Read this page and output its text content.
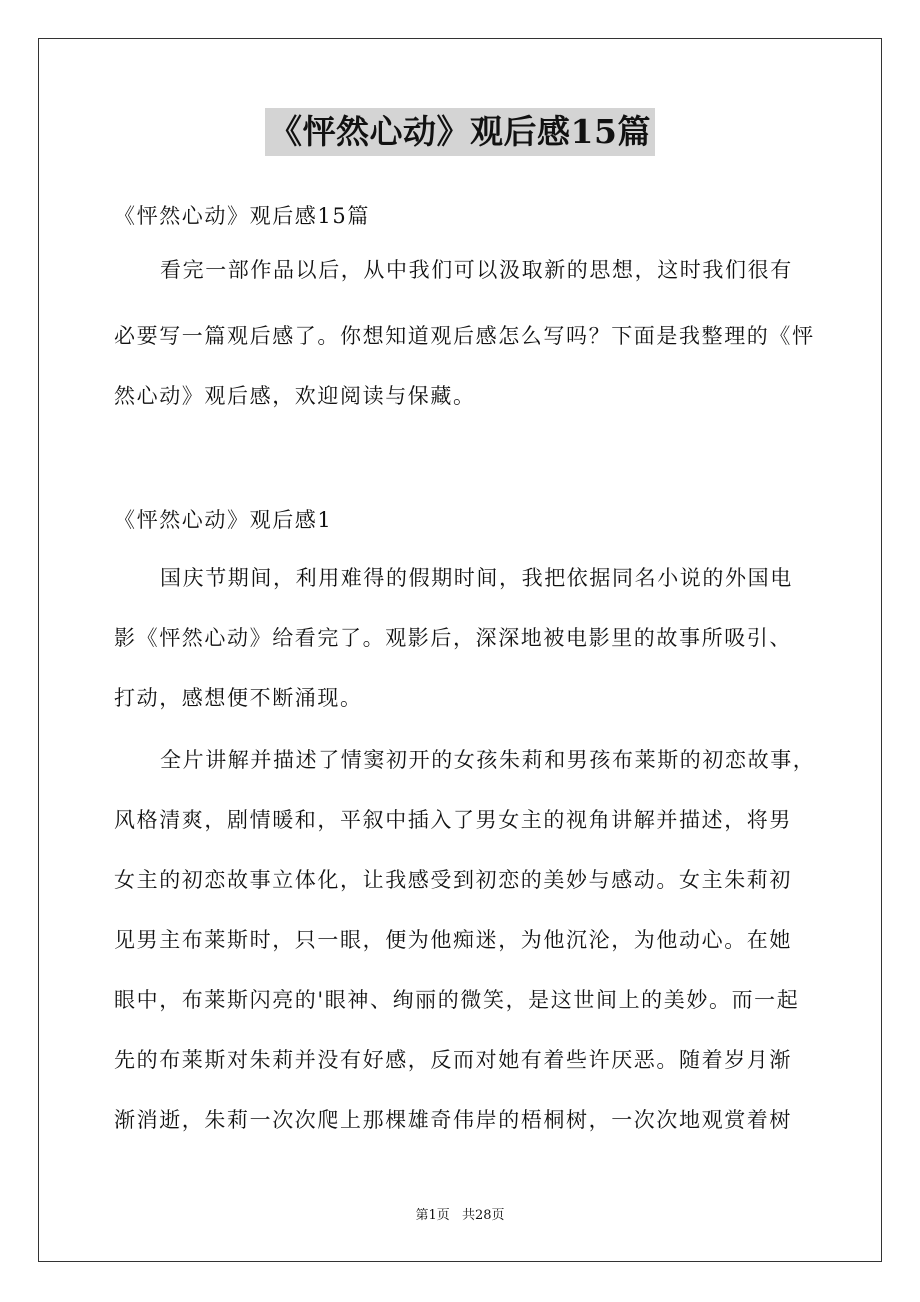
《怦然心动》观后感15篇
《怦然心动》观后感15篇
看完一部作品以后，从中我们可以汲取新的思想，这时我们很有
必要写一篇观后感了。你想知道观后感怎么写吗？下面是我整理的《怦
然心动》观后感，欢迎阅读与保藏。
《怦然心动》观后感1
国庆节期间，利用难得的假期时间，我把依据同名小说的外国电
影《怦然心动》给看完了。观影后，深深地被电影里的故事所吸引、
打动，感想便不断涌现。
全片讲解并描述了情窦初开的女孩朱莉和男孩布莱斯的初恋故事，
风格清爽，剧情暖和，平叙中插入了男女主的视角讲解并描述，将男
女主的初恋故事立体化，让我感受到初恋的美妙与感动。女主朱莉初
见男主布莱斯时，只一眼，便为他痴迷，为他沉沦，为他动心。在她
眼中，布莱斯闪亮的'眼神、绚丽的微笑，是这世间上的美妙。而一起
先的布莱斯对朱莉并没有好感，反而对她有着些许厌恶。随着岁月渐
渐消逝，朱莉一次次爬上那棵雄奇伟岸的梧桐树，一次次地观赏着树
第1页 共28页
